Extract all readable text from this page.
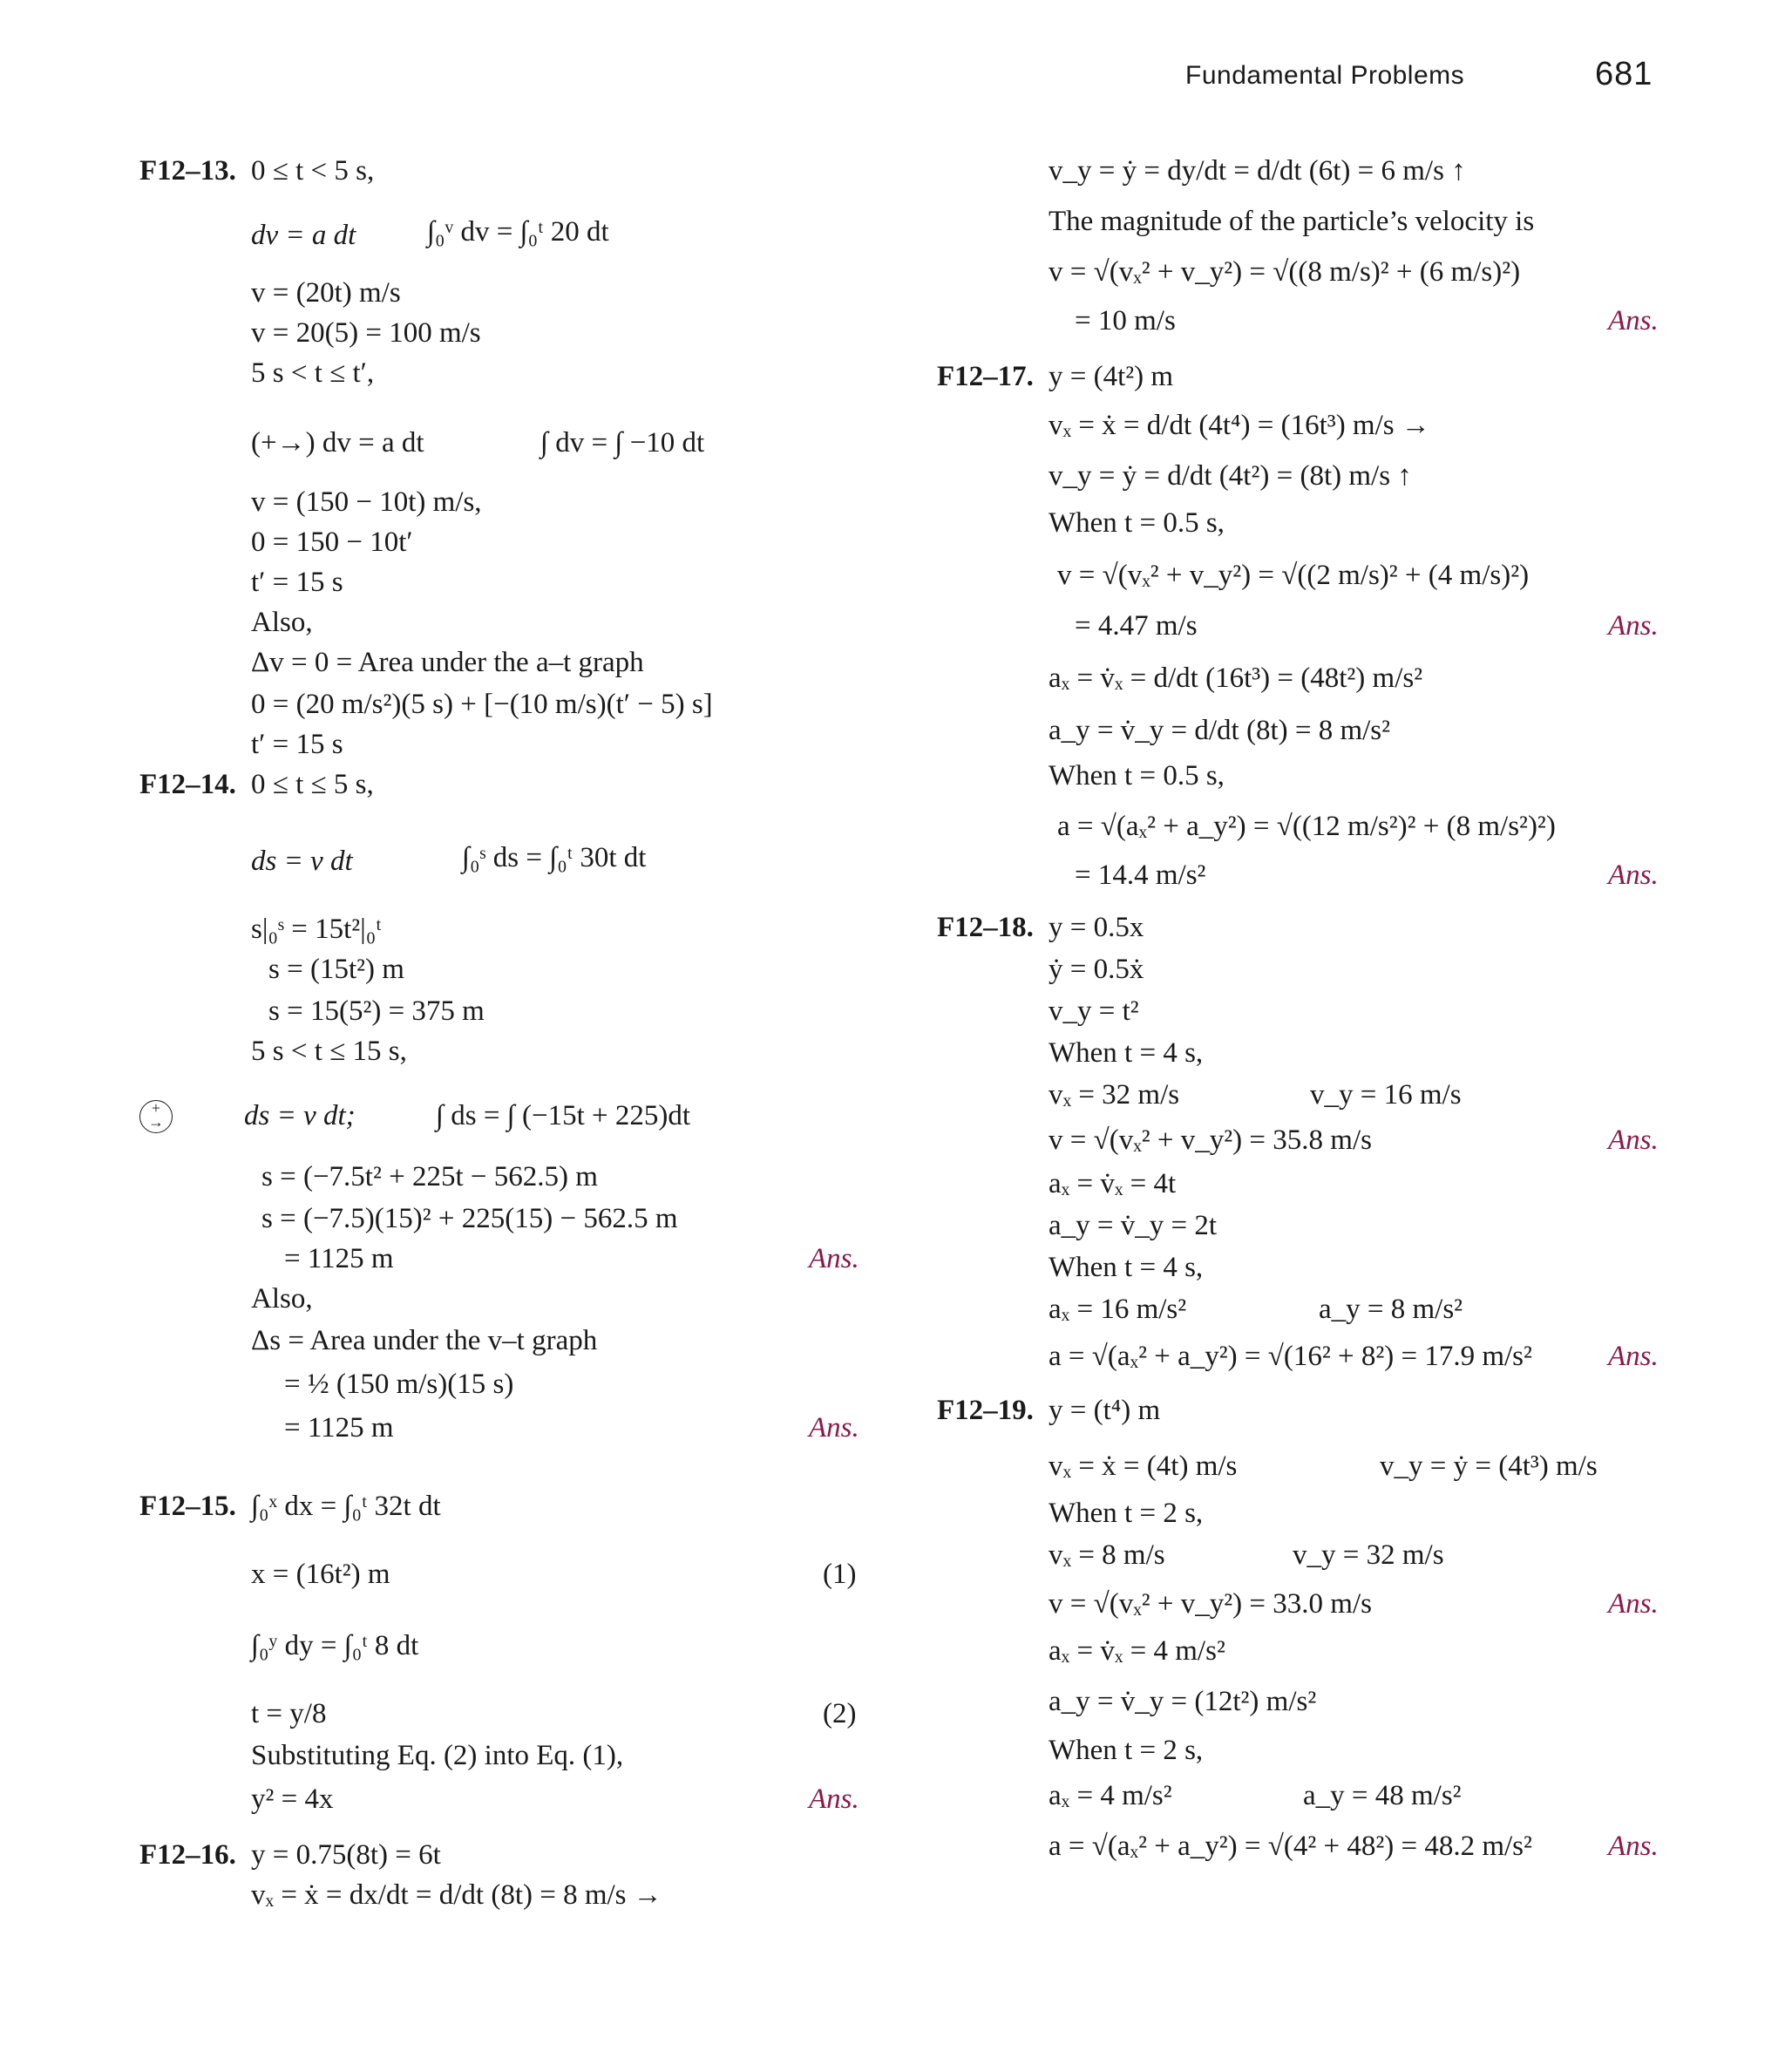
Fundamental Problems	681
F12–13. 0 ≤ t < 5 s,
dv = a dt ∫₀ᵛ dv = ∫₀ᵗ 20 dt
v = (20t) m/s
v = 20(5) = 100 m/s
5 s < t ≤ t′,
(+→) dv = a dt	∫ dv = ∫ −10 dt
v = (150 − 10t) m/s,
0 = 150 − 10t′
t′ = 15 s
Also,
Δv = 0 = Area under the a–t graph
0 = (20 m/s²)(5 s) + [−(10 m/s)(t′ − 5) s]
t′ = 15 s
F12–14. 0 ≤ t ≤ 5 s,
ds = v dt	∫₀ˢ ds = ∫₀ᵗ 30t dt
s|₀ˢ = 15t²|₀ᵗ
s = (15t²) m
s = 15(5²) = 375 m
5 s < t ≤ 15 s,
+
→	ds = v dt;	∫ ds = ∫ (−15t + 225)dt
s = (−7.5t² + 225t − 562.5) m
s = (−7.5)(15)² + 225(15) − 562.5 m
= 1125 m	Ans.
Also,
Δs = Area under the v–t graph
= ½ (150 m/s)(15 s)
= 1125 m	Ans.
F12–15. ∫₀ˣ dx = ∫₀ᵗ 32t dt
x = (16t²) m	(1)
∫₀ʸ dy = ∫₀ᵗ 8 dt
t = y/8	(2)
Substituting Eq. (2) into Eq. (1),
y² = 4x	Ans.
F12–16. y = 0.75(8t) = 6t
vₓ = ẋ = dx/dt = d/dt (8t) = 8 m/s →
v_y = ẏ = dy/dt = d/dt (6t) = 6 m/s ↑
The magnitude of the particle’s velocity is
v = √(vₓ² + v_y²) = √((8 m/s)² + (6 m/s)²)
= 10 m/s	Ans.
F12–17. y = (4t²) m
vₓ = ẋ = d/dt (4t⁴) = (16t³) m/s →
v_y = ẏ = d/dt (4t²) = (8t) m/s ↑
When t = 0.5 s,
v = √(vₓ² + v_y²) = √((2 m/s)² + (4 m/s)²)
= 4.47 m/s	Ans.
aₓ = v̇ₓ = d/dt (16t³) = (48t²) m/s²
a_y = v̇_y = d/dt (8t) = 8 m/s²
When t = 0.5 s,
a = √(aₓ² + a_y²) = √((12 m/s²)² + (8 m/s²)²)
= 14.4 m/s²	Ans.
F12–18. y = 0.5x
ẏ = 0.5ẋ
v_y = t²
When t = 4 s,
vₓ = 32 m/s	v_y = 16 m/s
v = √(vₓ² + v_y²) = 35.8 m/s	Ans.
aₓ = v̇ₓ = 4t
a_y = v̇_y = 2t
When t = 4 s,
aₓ = 16 m/s²	a_y = 8 m/s²
a = √(aₓ² + a_y²) = √(16² + 8²) = 17.9 m/s²	Ans.
F12–19. y = (t⁴) m
vₓ = ẋ = (4t) m/s	v_y = ẏ = (4t³) m/s
When t = 2 s,
vₓ = 8 m/s	v_y = 32 m/s
v = √(vₓ² + v_y²) = 33.0 m/s	Ans.
aₓ = v̇ₓ = 4 m/s²
a_y = v̇_y = (12t²) m/s²
When t = 2 s,
aₓ = 4 m/s²	a_y = 48 m/s²
a = √(aₓ² + a_y²) = √(4² + 48²) = 48.2 m/s²	Ans.
